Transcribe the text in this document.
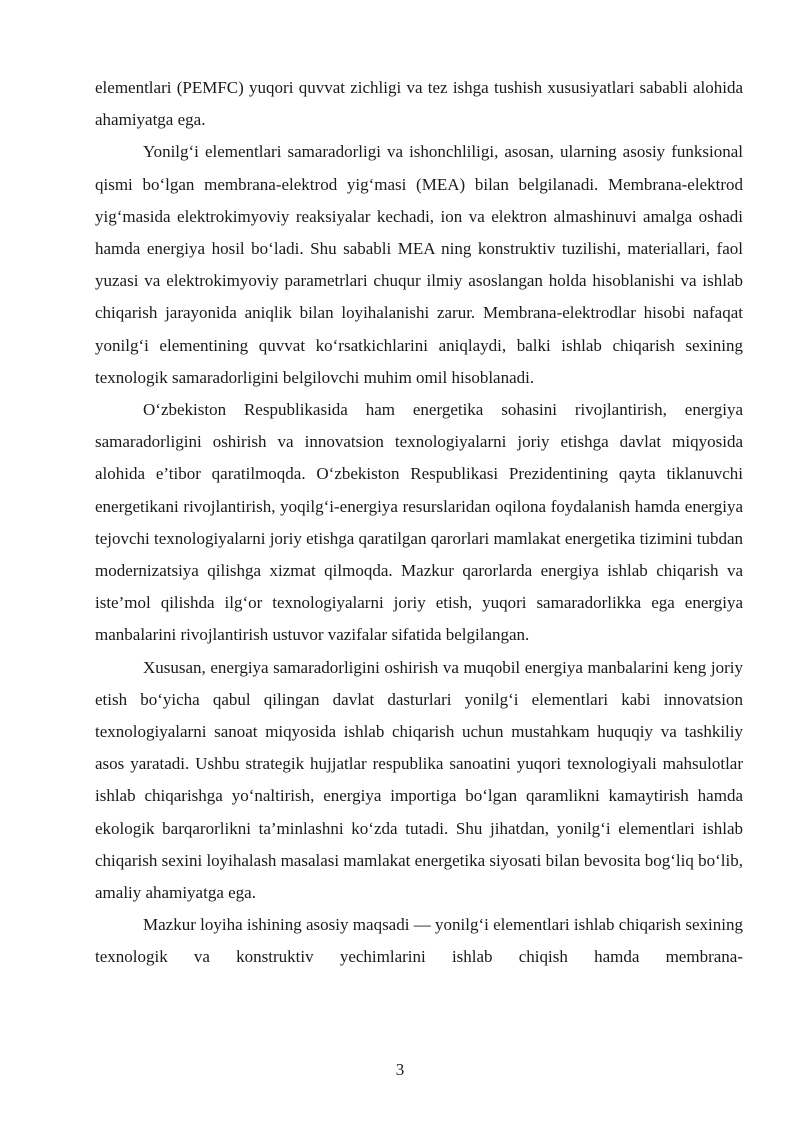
elementlari (PEMFC) yuqori quvvat zichligi va tez ishga tushish xususiyatlari sababli alohida ahamiyatga ega.

Yonilg‘i elementlari samaradorligi va ishonchliligi, asosan, ularning asosiy funksional qismi bo‘lgan membrana-elektrod yig‘masi (MEA) bilan belgilanadi. Membrana-elektrod yig‘masida elektrokimyoviy reaksiyalar kechadi, ion va elektron almashinuvi amalga oshadi hamda energiya hosil bo‘ladi. Shu sababli MEA ning konstruktiv tuzilishi, materiallari, faol yuzasi va elektrokimyoviy parametrlari chuqur ilmiy asoslangan holda hisoblanishi va ishlab chiqarish jarayonida aniqlik bilan loyihalanishi zarur. Membrana-elektrodlar hisobi nafaqat yonilg‘i elementining quvvat ko‘rsatkichlarini aniqlaydi, balki ishlab chiqarish sexining texnologik samaradorligini belgilovchi muhim omil hisoblanadi.

O‘zbekiston Respublikasida ham energetika sohasini rivojlantirish, energiya samaradorligini oshirish va innovatsion texnologiyalarni joriy etishga davlat miqyosida alohida e’tibor qaratilmoqda. O‘zbekiston Respublikasi Prezidentining qayta tiklanuvchi energetikani rivojlantirish, yoqilg‘i-energiya resurslaridan oqilona foydalanish hamda energiya tejovchi texnologiyalarni joriy etishga qaratilgan qarorlari mamlakat energetika tizimini tubdan modernizatsiya qilishga xizmat qilmoqda. Mazkur qarorlarda energiya ishlab chiqarish va iste’mol qilishda ilg‘or texnologiyalarni joriy etish, yuqori samaradorlikka ega energiya manbalarini rivojlantirish ustuvor vazifalar sifatida belgilangan.

Xususan, energiya samaradorligini oshirish va muqobil energiya manbalarini keng joriy etish bo‘yicha qabul qilingan davlat dasturlari yonilg‘i elementlari kabi innovatsion texnologiyalarni sanoat miqyosida ishlab chiqarish uchun mustahkam huquqiy va tashkiliy asos yaratadi. Ushbu strategik hujjatlar respublika sanoatini yuqori texnologiyali mahsulotlar ishlab chiqarishga yo‘naltirish, energiya importiga bo‘lgan qaramlikni kamaytirish hamda ekologik barqarorlikni ta’minlashni ko‘zda tutadi. Shu jihatdan, yonilg‘i elementlari ishlab chiqarish sexini loyihalash masalasi mamlakat energetika siyosati bilan bevosita bog‘liq bo‘lib, amaliy ahamiyatga ega.

Mazkur loyiha ishining asosiy maqsadi — yonilg‘i elementlari ishlab chiqarish sexining texnologik va konstruktiv yechimlarini ishlab chiqish hamda membrana-

3
